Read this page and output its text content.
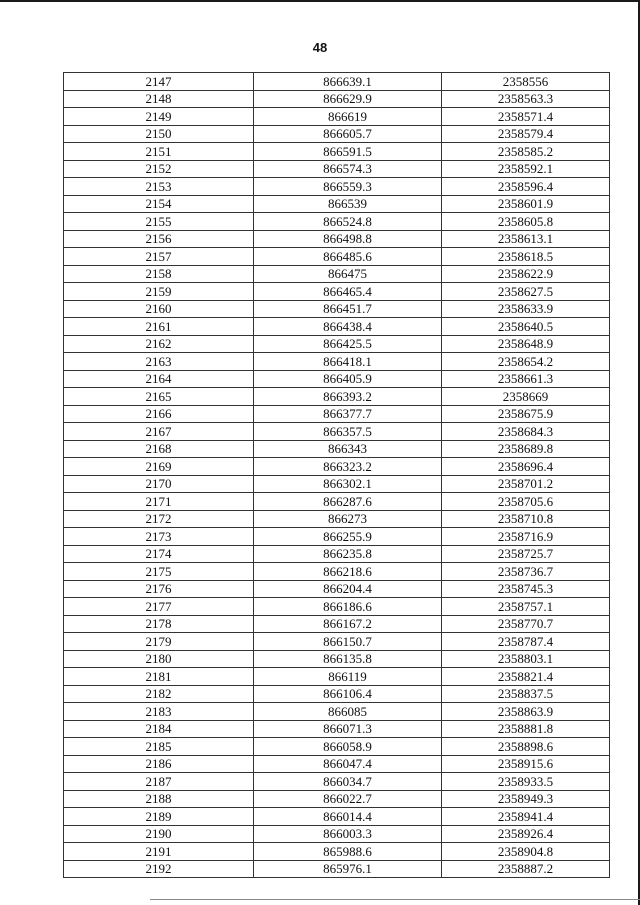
48
2147	866639.1	2358556
2148	866629.9	2358563.3
2149	866619	2358571.4
2150	866605.7	2358579.4
2151	866591.5	2358585.2
2152	866574.3	2358592.1
2153	866559.3	2358596.4
2154	866539	2358601.9
2155	866524.8	2358605.8
2156	866498.8	2358613.1
2157	866485.6	2358618.5
2158	866475	2358622.9
2159	866465.4	2358627.5
2160	866451.7	2358633.9
2161	866438.4	2358640.5
2162	866425.5	2358648.9
2163	866418.1	2358654.2
2164	866405.9	2358661.3
2165	866393.2	2358669
2166	866377.7	2358675.9
2167	866357.5	2358684.3
2168	866343	2358689.8
2169	866323.2	2358696.4
2170	866302.1	2358701.2
2171	866287.6	2358705.6
2172	866273	2358710.8
2173	866255.9	2358716.9
2174	866235.8	2358725.7
2175	866218.6	2358736.7
2176	866204.4	2358745.3
2177	866186.6	2358757.1
2178	866167.2	2358770.7
2179	866150.7	2358787.4
2180	866135.8	2358803.1
2181	866119	2358821.4
2182	866106.4	2358837.5
2183	866085	2358863.9
2184	866071.3	2358881.8
2185	866058.9	2358898.6
2186	866047.4	2358915.6
2187	866034.7	2358933.5
2188	866022.7	2358949.3
2189	866014.4	2358941.4
2190	866003.3	2358926.4
2191	865988.6	2358904.8
2192	865976.1	2358887.2
